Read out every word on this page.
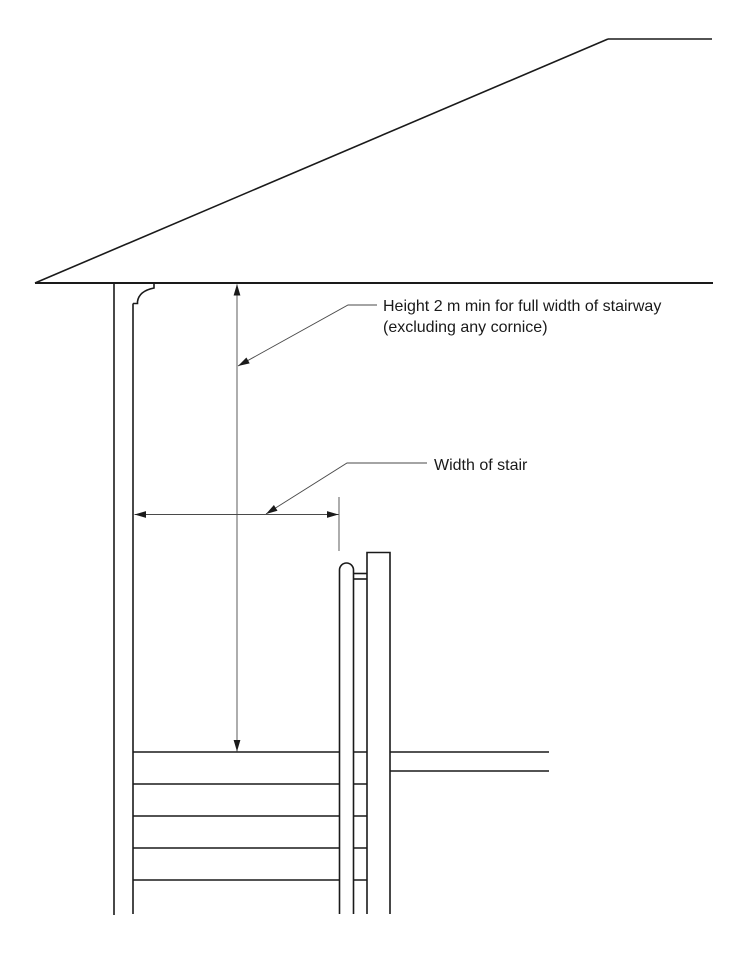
Height 2 m min for full width of stairway
(excluding any cornice)
Width of stair
